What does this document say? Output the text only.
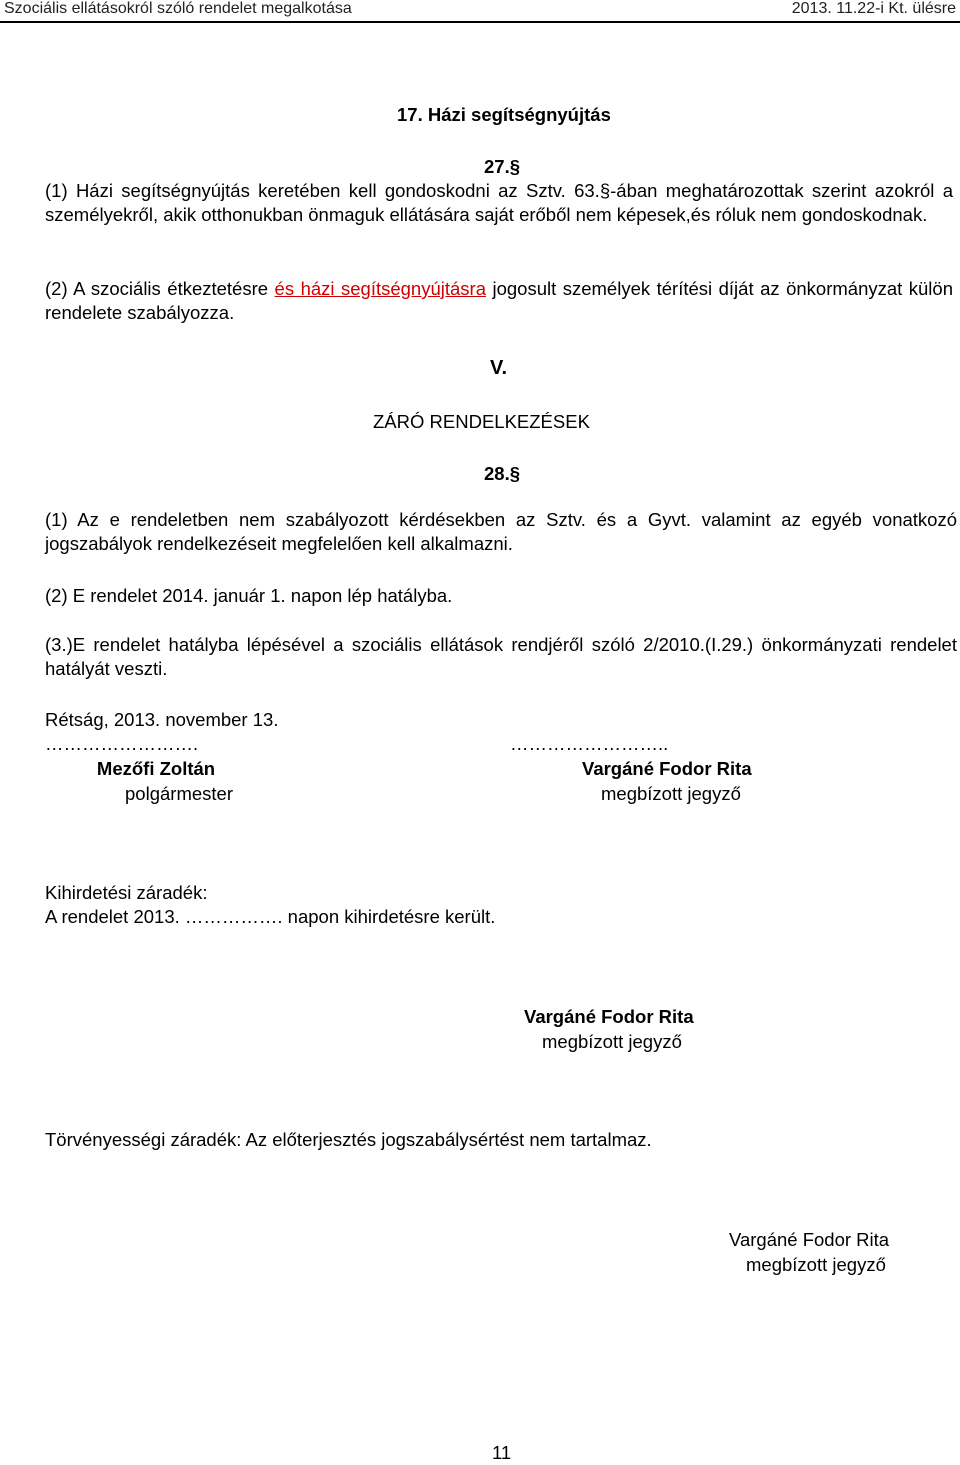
Szociális ellátásokról szóló rendelet megalkotása	2013. 11.22-i Kt. ülésre
17. Házi segítségnyújtás
27.§
(1) Házi segítségnyújtás keretében kell gondoskodni az Sztv. 63.§-ában meghatározottak szerint azokról a személyekről, akik otthonukban önmaguk ellátására saját erőből nem képesek,és róluk nem gondoskodnak.
(2) A szociális étkeztetésre és házi segítségnyújtásra jogosult személyek térítési díját az önkormányzat külön rendelete szabályozza.
V.
ZÁRÓ RENDELKEZÉSEK
28.§
(1) Az e rendeletben nem szabályozott kérdésekben az Sztv. és a Gyvt. valamint az egyéb vonatkozó jogszabályok rendelkezéseit megfelelően kell alkalmazni.
(2) E rendelet 2014. január 1. napon lép hatályba.
(3.)E rendelet hatályba lépésével a szociális ellátások rendjéről szóló 2/2010.(I.29.) önkormányzati rendelet hatályát veszti.
Rétság, 2013. november 13.
…………………….
Mezőfi Zoltán
polgármester
……………………..
Vargáné Fodor Rita
megbízott jegyző
Kihirdetési záradék:
A rendelet 2013. ……………. napon kihirdetésre került.
Vargáné Fodor Rita
megbízott jegyző
Törvényességi záradék: Az előterjesztés jogszabálysértést nem tartalmaz.
Vargáné Fodor Rita
megbízott jegyző
11
